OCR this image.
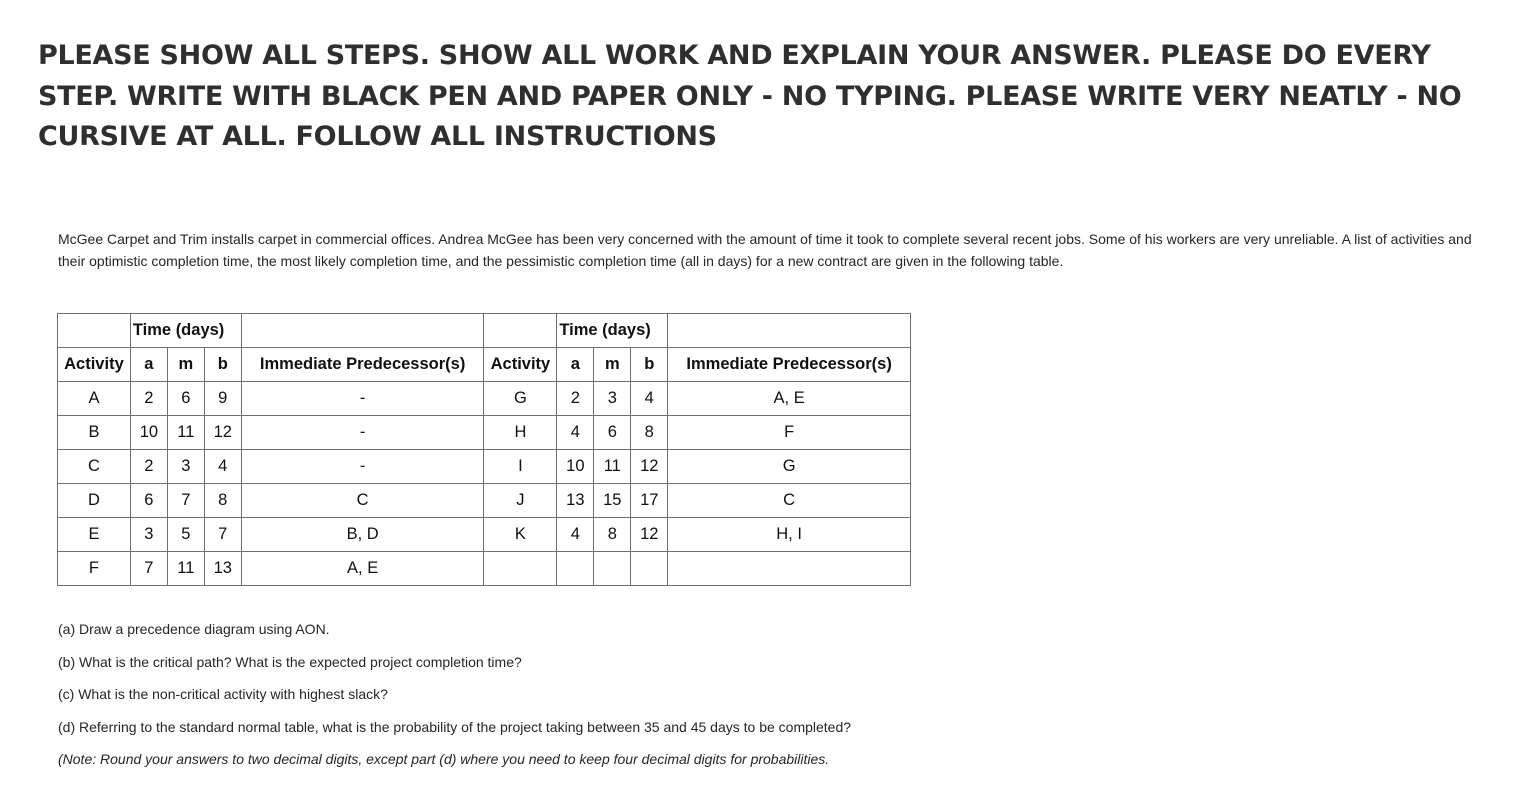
PLEASE SHOW ALL STEPS. SHOW ALL WORK AND EXPLAIN YOUR ANSWER. PLEASE DO EVERY STEP. WRITE WITH BLACK PEN AND PAPER ONLY - NO TYPING. PLEASE WRITE VERY NEATLY - NO CURSIVE AT ALL. FOLLOW ALL INSTRUCTIONS

McGee Carpet and Trim installs carpet in commercial offices. Andrea McGee has been very concerned with the amount of time it took to complete several recent jobs. Some of his workers are very unreliable. A list of activities and their optimistic completion time, the most likely completion time, and the pessimistic completion time (all in days) for a new contract are given in the following table.

	Time (days)					Time (days)			
Activity	a	m	b	Immediate Predecessor(s)	Activity	a	m	b	Immediate Predecessor(s)
A	2	6	9	-	G	2	3	4	A, E
B	10	11	12	-	H	4	6	8	F
C	2	3	4	-	I	10	11	12	G
D	6	7	8	C	J	13	15	17	C
E	3	5	7	B, D	K	4	8	12	H, I
F	7	11	13	A, E					

(a) Draw a precedence diagram using AON.

(b) What is the critical path? What is the expected project completion time?

(c) What is the non-critical activity with highest slack?

(d) Referring to the standard normal table, what is the probability of the project taking between 35 and 45 days to be completed?

(Note: Round your answers to two decimal digits, except part (d) where you need to keep four decimal digits for probabilities.
